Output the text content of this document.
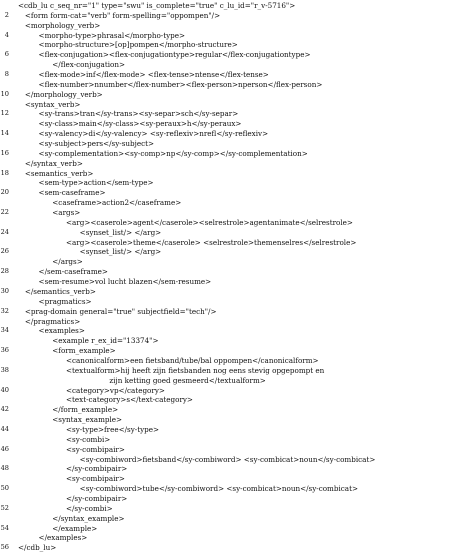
<cdb_lu c_seq_nr="1" type="swu" is_complete="true" c_lu_id="r_v-5716">
2 <form form-cat="verb" form-spelling="oppompen"/>
<morphology_verb>
4 <morpho-type>phrasal</morpho-type>
<morpho-structure>[op]pompen</morpho-structure>
6 <flex-conjugation><flex-conjugationtype>regular</flex-conjugationtype>
</flex-conjugation>
8 <flex-mode>inf</flex-mode> <flex-tense>ntense</flex-tense>
<flex-number>nnumber</flex-number><flex-person>nperson</flex-person>
10 </morphology_verb>
<syntax_verb>
12 <sy-trans>tran</sy-trans><sy-separ>sch</sy-separ>
<sy-class>main</sy-class><sy-peraux>h</sy-peraux>
14 <sy-valency>di</sy-valency> <sy-reflexiv>nrefl</sy-reflexiv>
<sy-subject>pers</sy-subject>
16 <sy-complementation><sy-comp>np</sy-comp></sy-complementation>
</syntax_verb>
18 <semantics_verb>
<sem-type>action</sem-type>
20 <sem-caseframe>
<caseframe>action2</caseframe>
22 <args>
<arg><caserole>agent</caserole><selrestrole>agentanimate</selrestrole>
24 <synset_list/> </arg>
<arg><caserole>theme</caserole> <selrestrole>themenselres</selrestrole>
26 <synset_list/> </arg>
</args>
28 </sem-caseframe>
<sem-resume>vol lucht blazen</sem-resume>
30 </semantics_verb>
<pragmatics>
32 <prag-domain general="true" subjectfield="tech"/>
</pragmatics>
34 <examples>
<example r_ex_id="13374">
36 <form_example>
<canonicalform>een fietsband/tube/bal oppompen</canonicalform>
38 <textualform>hij heeft zijn fietsbanden nog eens stevig opgepompt en
zijn ketting goed gesmeerd</textualform>
40 <category>vp</category>
<text-category>s</text-category>
42 </form_example>
<syntax_example>
44 <sy-type>free</sy-type>
<sy-combi>
46 <sy-combipair>
<sy-combiword>fietsband</sy-combiword> <sy-combicat>noun</sy-combicat>
48 </sy-combipair>
<sy-combipair>
50 <sy-combiword>tube</sy-combiword> <sy-combicat>noun</sy-combicat>
</sy-combipair>
52 </sy-combi>
</syntax_example>
54 </example>
</examples>
56 </cdb_lu>
